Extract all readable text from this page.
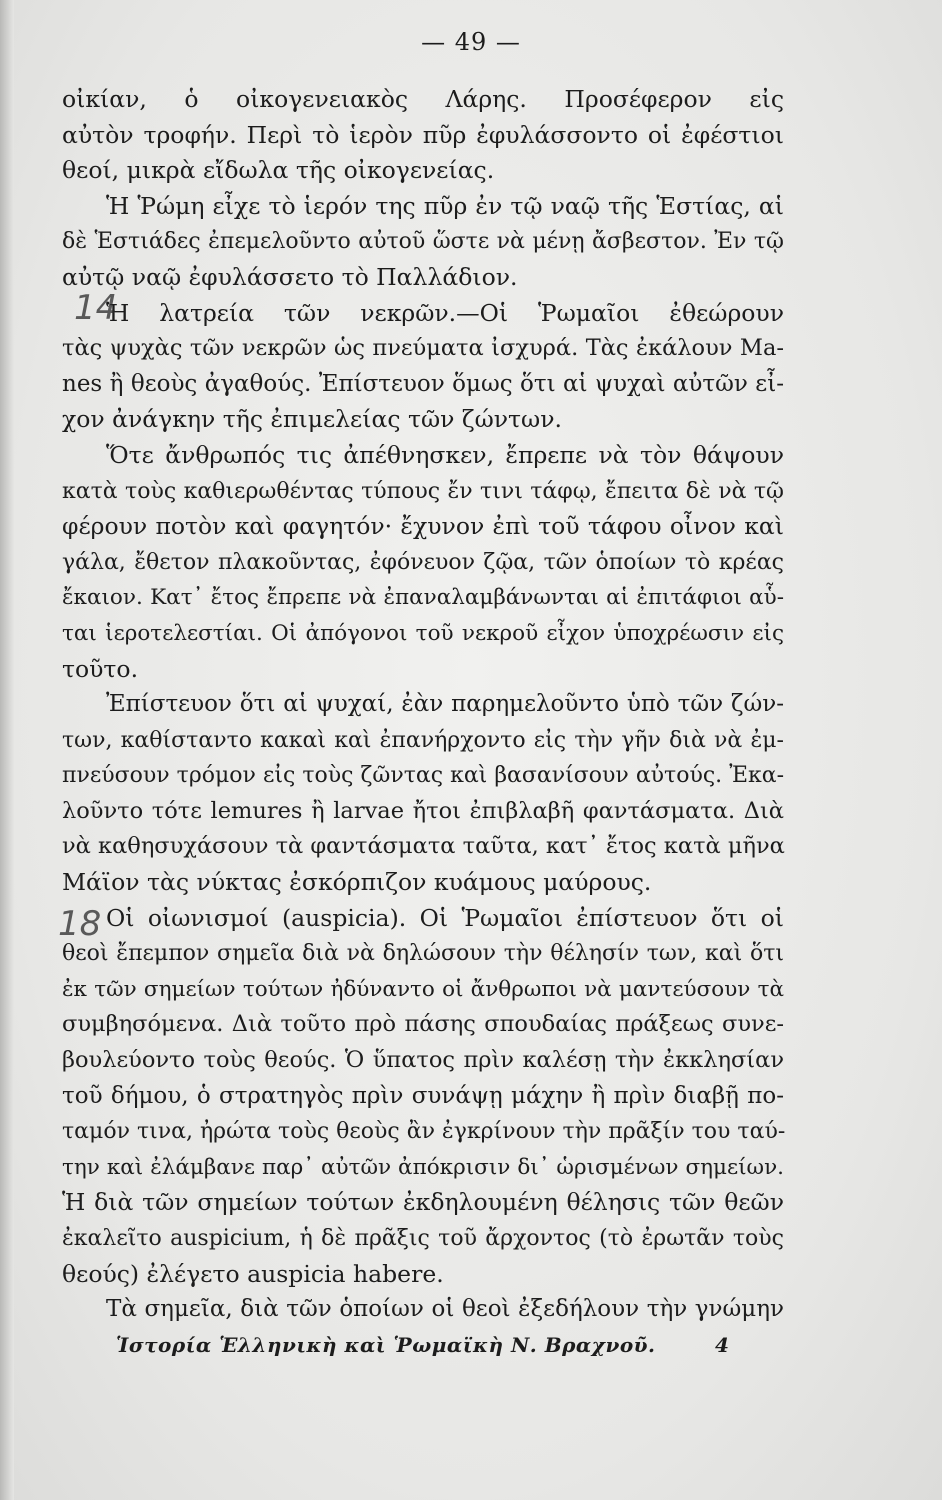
— 49 —
οἰκίαν, ὁ οἰκογενειακὸς Λάρης. Προσέφερον εἰς
αὐτὸν τροφήν. Περὶ τὸ ἱερὸν πῦρ ἐφυλάσσοντο οἱ ἐφέστιοι
θεοί, μικρὰ εἴδωλα τῆς οἰκογενείας.
Ἡ Ῥώμη εἶχε τὸ ἱερόν της πῦρ ἐν τῷ ναῷ τῆς Ἑστίας, αἱ
δὲ Ἑστιάδες ἐπεμελοῦντο αὐτοῦ ὥστε νὰ μένῃ ἄσβεστον. Ἐν τῷ
αὐτῷ ναῷ ἐφυλάσσετο τὸ Παλλάδιον.
Ἡ λατρεία τῶν νεκρῶν.—Οἱ Ῥωμαῖοι ἐθεώρουν
τὰς ψυχὰς τῶν νεκρῶν ὡς πνεύματα ἰσχυρά. Τὰς ἐκάλουν Ma-
nes ἢ θεοὺς ἀγαθούς. Ἐπίστευον ὅμως ὅτι αἱ ψυχαὶ αὐτῶν εἶ-
χον ἀνάγκην τῆς ἐπιμελείας τῶν ζώντων.
Ὅτε ἄνθρωπός τις ἀπέθνησκεν, ἔπρεπε νὰ τὸν θάψουν
κατὰ τοὺς καθιερωθέντας τύπους ἔν τινι τάφῳ, ἔπειτα δὲ νὰ τῷ
φέρουν ποτὸν καὶ φαγητόν· ἔχυνον ἐπὶ τοῦ τάφου οἶνον καὶ
γάλα, ἔθετον πλακοῦντας, ἐφόνευον ζῷα, τῶν ὁποίων τὸ κρέας
ἔκαιον. Κατ᾽ ἔτος ἔπρεπε νὰ ἐπαναλαμβάνωνται αἱ ἐπιτάφιοι αὗ-
ται ἱεροτελεστίαι. Οἱ ἀπόγονοι τοῦ νεκροῦ εἶχον ὑποχρέωσιν εἰς
τοῦτο.
Ἐπίστευον ὅτι αἱ ψυχαί, ἐὰν παρημελοῦντο ὑπὸ τῶν ζών-
των, καθίσταντο κακαὶ καὶ ἐπανήρχοντο εἰς τὴν γῆν διὰ νὰ ἐμ-
πνεύσουν τρόμον εἰς τοὺς ζῶντας καὶ βασανίσουν αὐτούς. Ἐκα-
λοῦντο τότε lemures ἢ larvae ἤτοι ἐπιβλαβῆ φαντάσματα. Διὰ
νὰ καθησυχάσουν τὰ φαντάσματα ταῦτα, κατ᾽ ἔτος κατὰ μῆνα
Μάϊον τὰς νύκτας ἐσκόρπιζον κυάμους μαύρους.
Οἱ οἰωνισμοί (auspicia). Οἱ Ῥωμαῖοι ἐπίστευον ὅτι οἱ
θεοὶ ἔπεμπον σημεῖα διὰ νὰ δηλώσουν τὴν θέλησίν των, καὶ ὅτι
ἐκ τῶν σημείων τούτων ἠδύναντο οἱ ἄνθρωποι νὰ μαντεύσουν τὰ
συμβησόμενα. Διὰ τοῦτο πρὸ πάσης σπουδαίας πράξεως συνε-
βουλεύοντο τοὺς θεούς. Ὁ ὕπατος πρὶν καλέσῃ τὴν ἐκκλησίαν
τοῦ δήμου, ὁ στρατηγὸς πρὶν συνάψῃ μάχην ἢ πρὶν διαβῇ πο-
ταμόν τινα, ἠρώτα τοὺς θεοὺς ἂν ἐγκρίνουν τὴν πρᾶξίν του ταύ-
την καὶ ἐλάμβανε παρ᾽ αὐτῶν ἀπόκρισιν δι᾽ ὡρισμένων σημείων.
Ἡ διὰ τῶν σημείων τούτων ἐκδηλουμένη θέλησις τῶν θεῶν
ἐκαλεῖτο auspicium, ἡ δὲ πρᾶξις τοῦ ἄρχοντος (τὸ ἐρωτᾶν τοὺς
θεούς) ἐλέγετο auspicia habere.
Τὰ σημεῖα, διὰ τῶν ὁποίων οἱ θεοὶ ἐξεδήλουν τὴν γνώμην
14
18
Ἱστορία Ἑλληνικὴ καὶ Ῥωμαϊκὴ Ν. Βραχνοῦ.	4
